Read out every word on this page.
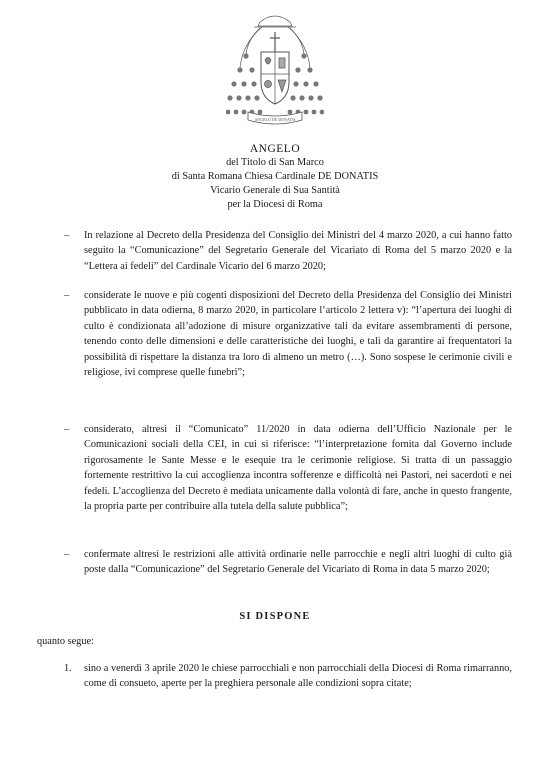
ANGELO DE DONATIS
ANGELO
del Titolo di San Marco
di Santa Romana Chiesa Cardinale DE DONATIS
Vicario Generale di Sua Santità
per la Diocesi di Roma
– In relazione al Decreto della Presidenza del Consiglio dei Ministri del 4 marzo 2020, a cui hanno fatto seguito la “Comunicazione” del Segretario Generale del Vicariato di Roma del 5 marzo 2020 e la “Lettera ai fedeli” del Cardinale Vicario del 6 marzo 2020;
– considerate le nuove e più cogenti disposizioni del Decreto della Presidenza del Consiglio dei Ministri pubblicato in data odierna, 8 marzo 2020, in particolare l’articolo 2 lettera v): “l’apertura dei luoghi di culto è condizionata all’adozione di misure organizzative tali da evitare assembramenti di persone, tenendo conto delle dimensioni e delle caratteristiche dei luoghi, e tali da garantire ai frequentatori la possibilità di rispettare la distanza tra loro di almeno un metro (…). Sono sospese le cerimonie civili e religiose, ivi comprese quelle funebri”;
– considerato, altresì il “Comunicato” 11/2020 in data odierna dell’Ufficio Nazionale per le Comunicazioni sociali della CEI, in cui si riferisce: “l’interpretazione fornita dal Governo include rigorosamente le Sante Messe e le esequie tra le cerimonie religiose. Si tratta di un passaggio fortemente restrittivo la cui accoglienza incontra sofferenze e difficoltà nei Pastori, nei sacerdoti e nei fedeli. L’accoglienza del Decreto è mediata unicamente dalla volontà di fare, anche in questo frangente, la propria parte per contribuire alla tutela della salute pubblica”;
– confermate altresì le restrizioni alle attività ordinarie nelle parrocchie e negli altri luoghi di culto già poste dalla “Comunicazione” del Segretario Generale del Vicariato di Roma in data 5 marzo 2020;
SI DISPONE
quanto segue:
1. sino a venerdì 3 aprile 2020 le chiese parrocchiali e non parrocchiali della Diocesi di Roma rimarranno, come di consueto, aperte per la preghiera personale alle condizioni sopra citate;
